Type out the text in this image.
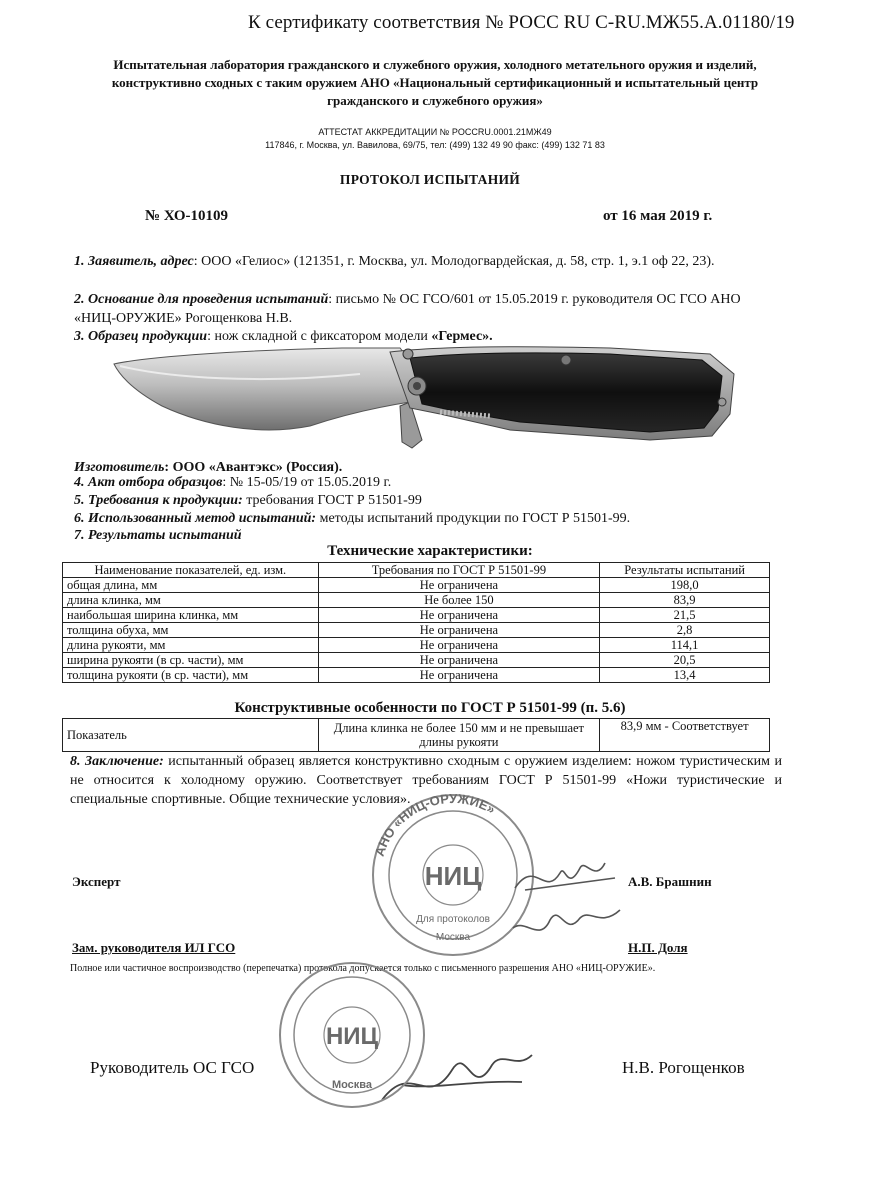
К сертификату соответствия № РОСС RU C-RU.МЖ55.А.01180/19
Испытательная лаборатория гражданского и служебного оружия, холодного метательного оружия и изделий, конструктивно сходных с таким оружием АНО «Национальный сертификационный и испытательный центр гражданского и служебного оружия»
АТТЕСТАТ АККРЕДИТАЦИИ № POCCRU.0001.21МЖ49
117846, г. Москва, ул. Вавилова, 69/75, тел: (499) 132 49 90 факс: (499) 132 71 83
ПРОТОКОЛ ИСПЫТАНИЙ
№ ХО-10109	от 16 мая 2019 г.
1. Заявитель, адрес: ООО «Гелиос» (121351, г. Москва, ул. Молодогвардейская, д. 58, стр. 1, э.1 оф 22, 23).
2. Основание для проведения испытаний: письмо № ОС ГСО/601 от 15.05.2019 г. руководителя ОС ГСО АНО «НИЦ-ОРУЖИЕ» Рогощенкова Н.В.
3. Образец продукции: нож складной с фиксатором модели «Гермес».
Изготовитель: ООО «Авантэкс» (Россия).
4. Акт отбора образцов: № 15-05/19 от 15.05.2019 г.
5. Требования к продукции: требования ГОСТ Р 51501-99
6. Использованный метод испытаний: методы испытаний продукции по ГОСТ Р 51501-99.
7. Результаты испытаний
Технические характеристики:
Наименование показателей, ед. изм.	Требования по ГОСТ Р 51501-99	Результаты испытаний
общая длина, мм	Не ограничена	198,0
длина клинка, мм	Не более 150	83,9
наибольшая ширина клинка, мм	Не ограничена	21,5
толщина обуха, мм	Не ограничена	2,8
длина рукояти, мм	Не ограничена	114,1
ширина рукояти (в ср. части), мм	Не ограничена	20,5
толщина рукояти (в ср. части), мм	Не ограничена	13,4
Конструктивные особенности по ГОСТ Р 51501-99 (п. 5.6)
Показатель	Длина клинка не более 150 мм и не превышает длины рукояти	83,9 мм - Соответствует
8. Заключение: испытанный образец является конструктивно сходным с оружием изделием: ножом туристическим и не относится к холодному оружию. Соответствует требованиям ГОСТ Р 51501-99 «Ножи туристические и специальные спортивные. Общие технические условия».
АНО «НИЦ-ОРУЖИЕ»
НИЦ
Для протоколов
Москва
Эксперт	А.В. Брашнин
Зам. руководителя ИЛ ГСО	Н.П. Доля
Полное или частичное воспроизводство (перепечатка) протокола допускается только с письменного разрешения АНО «НИЦ-ОРУЖИЕ».
НИЦ
Москва
Руководитель ОС ГСО	Н.В. Рогощенков
